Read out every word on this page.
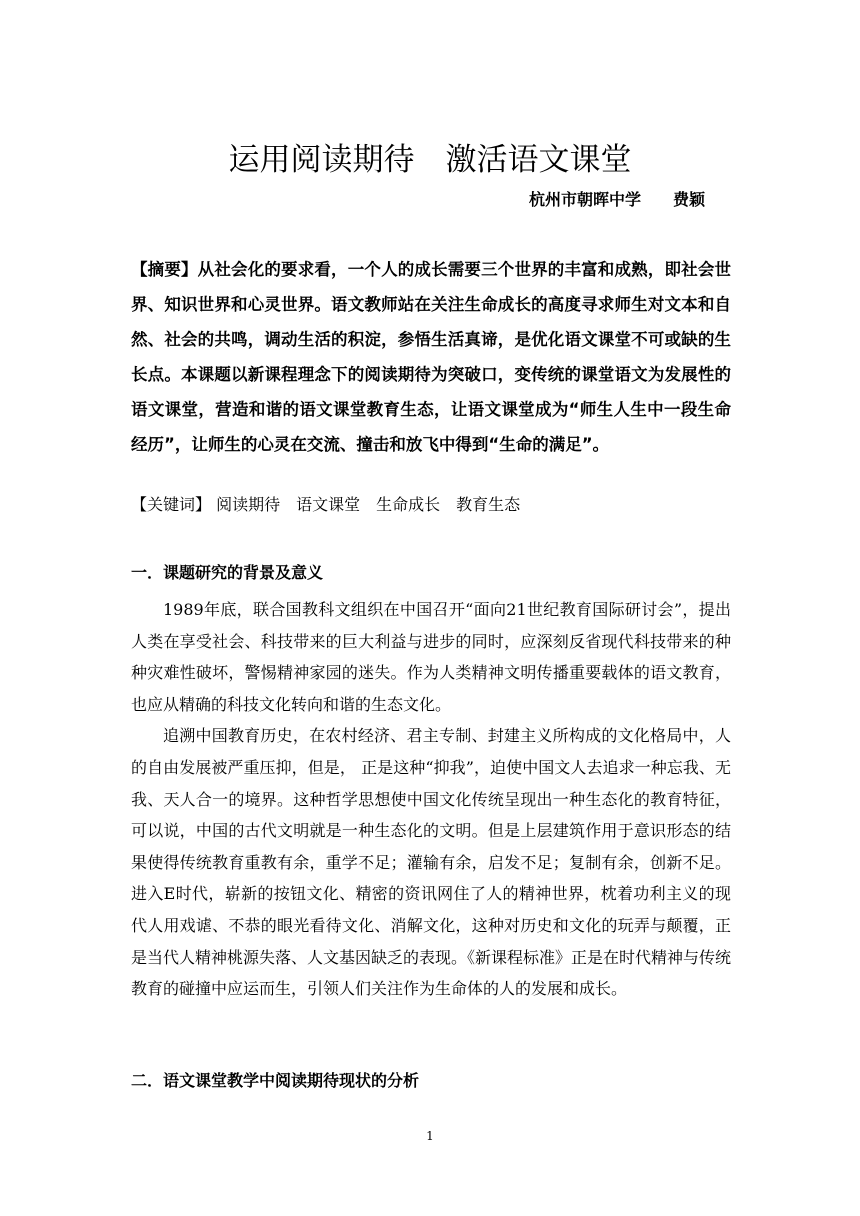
运用阅读期待　激活语文课堂
杭州市朝晖中学　　费颖
【摘要】从社会化的要求看，一个人的成长需要三个世界的丰富和成熟，即社会世界、知识世界和心灵世界。语文教师站在关注生命成长的高度寻求师生对文本和自然、社会的共鸣，调动生活的积淀，参悟生活真谛，是优化语文课堂不可或缺的生长点。本课题以新课程理念下的阅读期待为突破口，变传统的课堂语文为发展性的语文课堂，营造和谐的语文课堂教育生态，让语文课堂成为“师生人生中一段生命经历”，让师生的心灵在交流、撞击和放飞中得到“生命的满足”。
【关键词】 阅读期待　语文课堂　生命成长　教育生态
一．课题研究的背景及意义

1989年底，联合国教科文组织在中国召开“面向21世纪教育国际研讨会”，提出人类在享受社会、科技带来的巨大利益与进步的同时，应深刻反省现代科技带来的种种灾难性破坏，警惕精神家园的迷失。作为人类精神文明传播重要载体的语文教育，也应从精确的科技文化转向和谐的生态文化。

追溯中国教育历史，在农村经济、君主专制、封建主义所构成的文化格局中，人的自由发展被严重压抑，但是， 正是这种“抑我”，迫使中国文人去追求一种忘我、无我、天人合一的境界。这种哲学思想使中国文化传统呈现出一种生态化的教育特征，可以说，中国的古代文明就是一种生态化的文明。但是上层建筑作用于意识形态的结果使得传统教育重教有余，重学不足；灌输有余，启发不足；复制有余，创新不足。进入E时代，崭新的按钮文化、精密的资讯网住了人的精神世界，枕着功利主义的现代人用戏谑、不恭的眼光看待文化、消解文化，这种对历史和文化的玩弄与颠覆，正是当代人精神桃源失落、人文基因缺乏的表现。《新课程标准》正是在时代精神与传统教育的碰撞中应运而生，引领人们关注作为生命体的人的发展和成长。

二．语文课堂教学中阅读期待现状的分析
1
